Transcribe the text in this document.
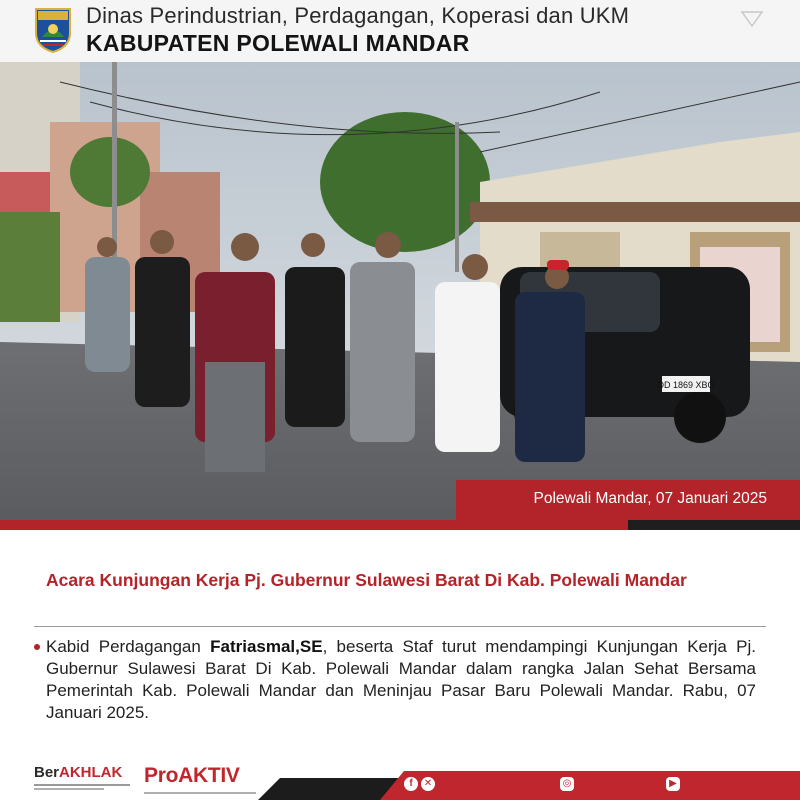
Dinas Perindustrian, Perdagangan, Koperasi dan UKM
KABUPATEN POLEWALI MANDAR
DD 1869 XBO
Polewali Mandar, 07 Januari 2025
Acara Kunjungan Kerja Pj. Gubernur Sulawesi Barat Di Kab. Polewali Mandar
Kabid Perdagangan Fatriasmal,SE, beserta Staf turut mendampingi Kunjungan Kerja Pj. Gubernur Sulawesi Barat Di Kab. Polewali Mandar dalam rangka Jalan Sehat Bersama Pemerintah Kab. Polewali Mandar dan Meninjau Pasar Baru Polewali Mandar. Rabu, 07 Januari 2025.
BerAKHLAK ProAKTIV	f	✕	◎	▶
